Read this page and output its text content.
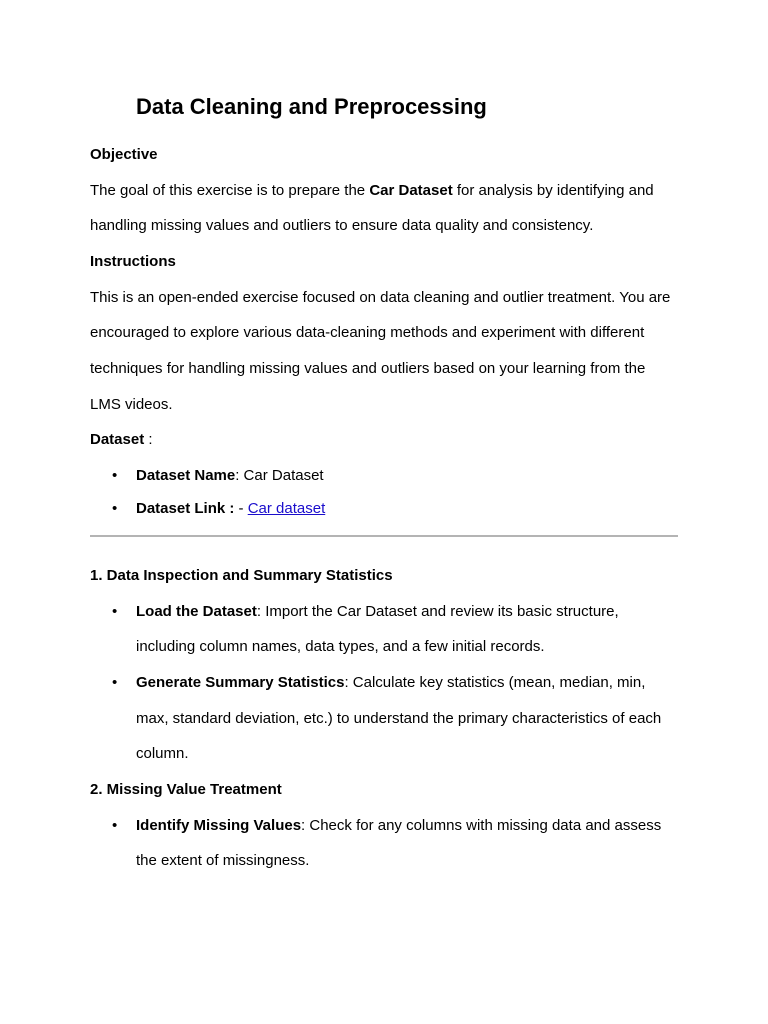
Data Cleaning and Preprocessing

Objective

The goal of this exercise is to prepare the Car Dataset for analysis by identifying and

handling missing values and outliers to ensure data quality and consistency.

Instructions

This is an open-ended exercise focused on data cleaning and outlier treatment. You are

encouraged to explore various data-cleaning methods and experiment with different

techniques for handling missing values and outliers based on your learning from the

LMS videos.

Dataset :

• Dataset Name: Car Dataset
• Dataset Link : - Car dataset

1. Data Inspection and Summary Statistics

• Load the Dataset: Import the Car Dataset and review its basic structure,
including column names, data types, and a few initial records.
• Generate Summary Statistics: Calculate key statistics (mean, median, min,
max, standard deviation, etc.) to understand the primary characteristics of each
column.

2. Missing Value Treatment

• Identify Missing Values: Check for any columns with missing data and assess
the extent of missingness.
